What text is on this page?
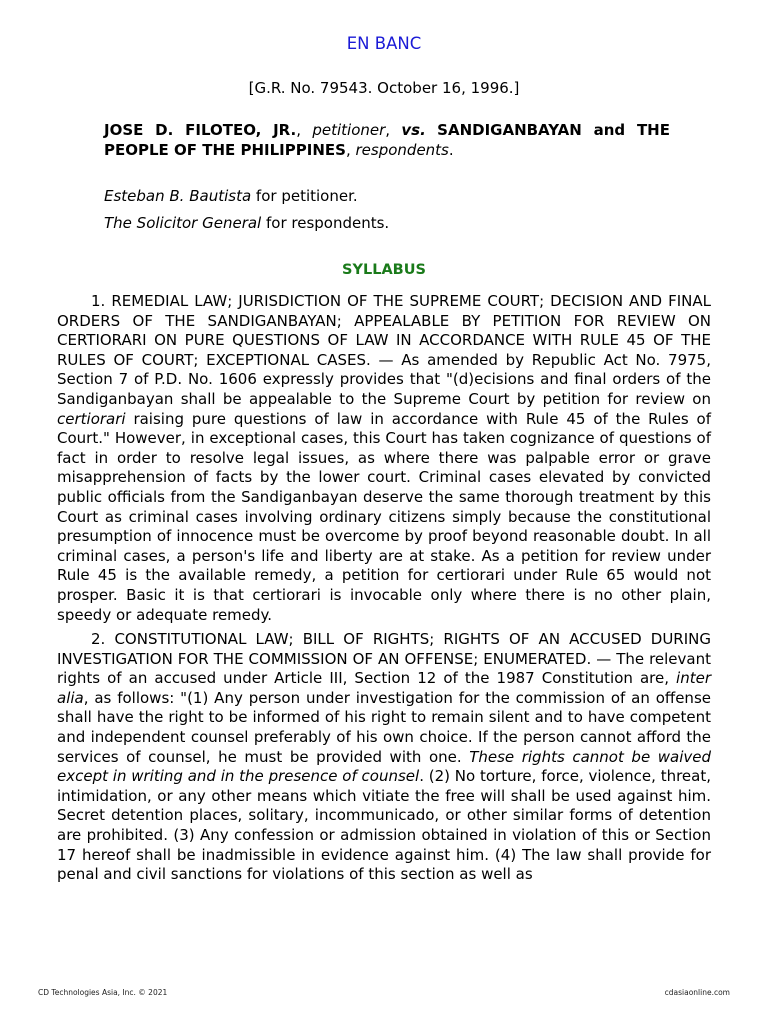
EN BANC
[G.R. No. 79543. October 16, 1996.]
JOSE D. FILOTEO, JR., petitioner, vs. SANDIGANBAYAN and THE PEOPLE OF THE PHILIPPINES, respondents.
Esteban B. Bautista for petitioner.
The Solicitor General for respondents.
SYLLABUS

1. REMEDIAL LAW; JURISDICTION OF THE SUPREME COURT; DECISION AND FINAL ORDERS OF THE SANDIGANBAYAN; APPEALABLE BY PETITION FOR REVIEW ON CERTIORARI ON PURE QUESTIONS OF LAW IN ACCORDANCE WITH RULE 45 OF THE RULES OF COURT; EXCEPTIONAL CASES. — As amended by Republic Act No. 7975, Section 7 of P.D. No. 1606 expressly provides that "(d)ecisions and final orders of the Sandiganbayan shall be appealable to the Supreme Court by petition for review on certiorari raising pure questions of law in accordance with Rule 45 of the Rules of Court." However, in exceptional cases, this Court has taken cognizance of questions of fact in order to resolve legal issues, as where there was palpable error or grave misapprehension of facts by the lower court. Criminal cases elevated by convicted public officials from the Sandiganbayan deserve the same thorough treatment by this Court as criminal cases involving ordinary citizens simply because the constitutional presumption of innocence must be overcome by proof beyond reasonable doubt. In all criminal cases, a person's life and liberty are at stake. As a petition for review under Rule 45 is the available remedy, a petition for certiorari under Rule 65 would not prosper. Basic it is that certiorari is invocable only where there is no other plain, speedy or adequate remedy.

2. CONSTITUTIONAL LAW; BILL OF RIGHTS; RIGHTS OF AN ACCUSED DURING INVESTIGATION FOR THE COMMISSION OF AN OFFENSE; ENUMERATED. — The relevant rights of an accused under Article III, Section 12 of the 1987 Constitution are, inter alia, as follows: "(1) Any person under investigation for the commission of an offense shall have the right to be informed of his right to remain silent and to have competent and independent counsel preferably of his own choice. If the person cannot afford the services of counsel, he must be provided with one. These rights cannot be waived except in writing and in the presence of counsel. (2) No torture, force, violence, threat, intimidation, or any other means which vitiate the free will shall be used against him. Secret detention places, solitary, incommunicado, or other similar forms of detention are prohibited. (3) Any confession or admission obtained in violation of this or Section 17 hereof shall be inadmissible in evidence against him. (4) The law shall provide for penal and civil sanctions for violations of this section as well as

CD Technologies Asia, Inc. © 2021	cdasiaonline.com
